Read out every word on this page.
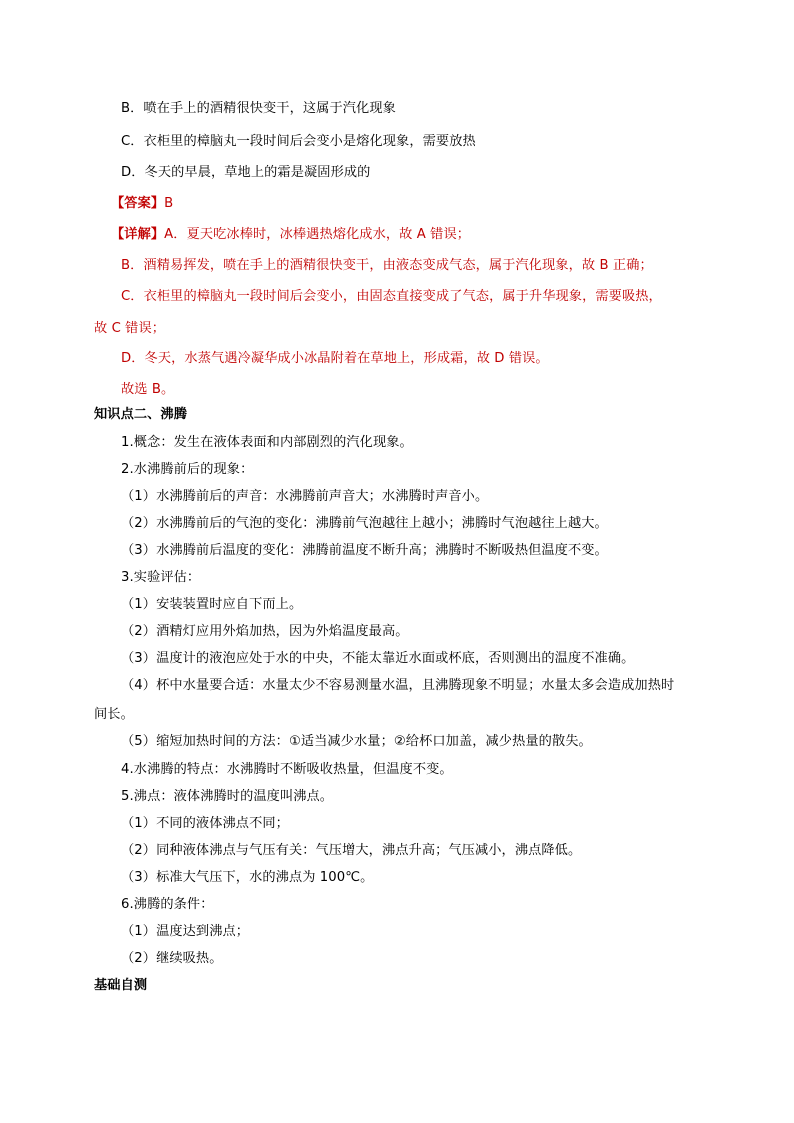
B．喷在手上的酒精很快变干，这属于汽化现象
C．衣柜里的樟脑丸一段时间后会变小是熔化现象，需要放热
D．冬天的早晨，草地上的霜是凝固形成的
【答案】B
【详解】A．夏天吃冰棒时，冰棒遇热熔化成水，故 A 错误；
B．酒精易挥发，喷在手上的酒精很快变干，由液态变成气态，属于汽化现象，故 B 正确；
C．衣柜里的樟脑丸一段时间后会变小，由固态直接变成了气态，属于升华现象，需要吸热，
故 C 错误；
D．冬天，水蒸气遇冷凝华成小冰晶附着在草地上，形成霜，故 D 错误。
故选 B。
知识点二、沸腾
1.概念：发生在液体表面和内部剧烈的汽化现象。
2.水沸腾前后的现象：
（1）水沸腾前后的声音：水沸腾前声音大；水沸腾时声音小。
（2）水沸腾前后的气泡的变化：沸腾前气泡越往上越小；沸腾时气泡越往上越大。
（3）水沸腾前后温度的变化：沸腾前温度不断升高；沸腾时不断吸热但温度不变。
3.实验评估：
（1）安装装置时应自下而上。
（2）酒精灯应用外焰加热，因为外焰温度最高。
（3）温度计的液泡应处于水的中央，不能太靠近水面或杯底，否则测出的温度不准确。
（4）杯中水量要合适：水量太少不容易测量水温，且沸腾现象不明显；水量太多会造成加热时
间长。
（5）缩短加热时间的方法：①适当减少水量；②给杯口加盖，减少热量的散失。
4.水沸腾的特点：水沸腾时不断吸收热量，但温度不变。
5.沸点：液体沸腾时的温度叫沸点。
（1）不同的液体沸点不同；
（2）同种液体沸点与气压有关：气压增大，沸点升高；气压减小，沸点降低。
（3）标准大气压下，水的沸点为 100℃。
6.沸腾的条件：
（1）温度达到沸点；
（2）继续吸热。
基础自测
